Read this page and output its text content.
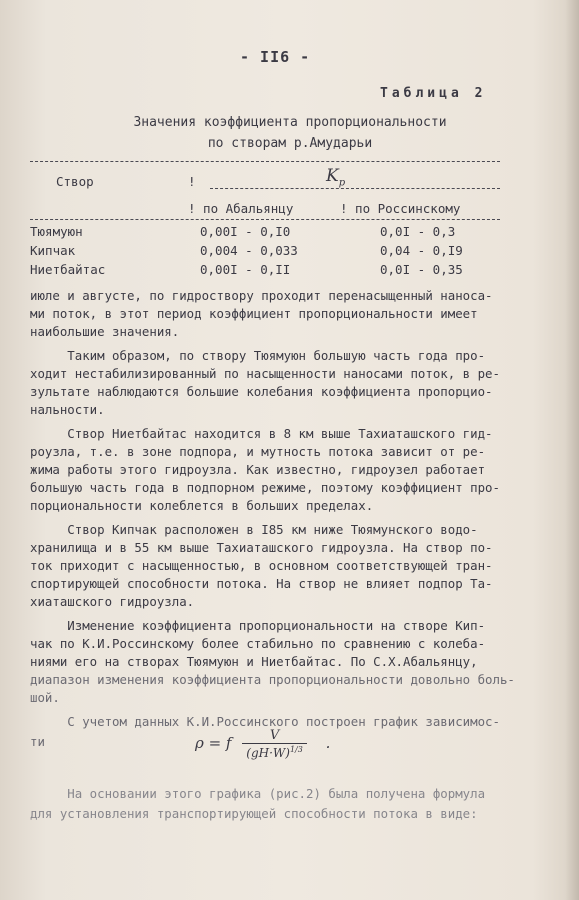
- II6 -
Таблица 2
Значения коэффициента пропорциональности
по створам р.Амударьи
Створ	!	$K_p$
! по Абальянцу	! по Россинскому
Тюямуюн	0,00I - 0,I0	0,0I - 0,3
Кипчак	0,004 - 0,033	0,04 - 0,I9
Ниетбайтас	0,00I - 0,II	0,0I - 0,35
июле и августе, по гидроствору проходит перенасыщенный наноса-
ми поток, в этот период коэффициент пропорциональности имеет
наибольшие значения.
Таким образом, по створу Тюямуюн большую часть года про-
ходит нестабилизированный по насыщенности наносами поток, в ре-
зультате наблюдаются большие колебания коэффициента пропорцио-
нальности.
Створ Ниетбайтас находится в 8 км выше Тахиаташского гид-
роузла, т.е. в зоне подпора, и мутность потока зависит от ре-
жима работы этого гидроузла. Как известно, гидроузел работает
большую часть года в подпорном режиме, поэтому коэффициент про-
порциональности колеблется в больших пределах.
Створ Кипчак расположен в I85 км ниже Тюямунского водо-
хранилища и в 55 км выше Тахиаташского гидроузла. На створ по-
ток приходит с насыщенностью, в основном соответствующей тран-
спортирующей способности потока. На створ не влияет подпор Та-
хиаташского гидроузла.
Изменение коэффициента пропорциональности на створе Кип-
чак по К.И.Россинскому более стабильно по сравнению с колеба-
ниями его на створах Тюямуюн и Ниетбайтас. По С.Х.Абальянцу,
диапазон изменения коэффициента пропорциональности довольно боль-
шой.
С учетом данных К.И.Россинского построен график зависимос-
ти	ρ = f $\frac{V}{(gH\cdot W)^{1/3}}$ .
На основании этого графика (рис.2) была получена формула
для установления транспортирующей способности потока в виде:
